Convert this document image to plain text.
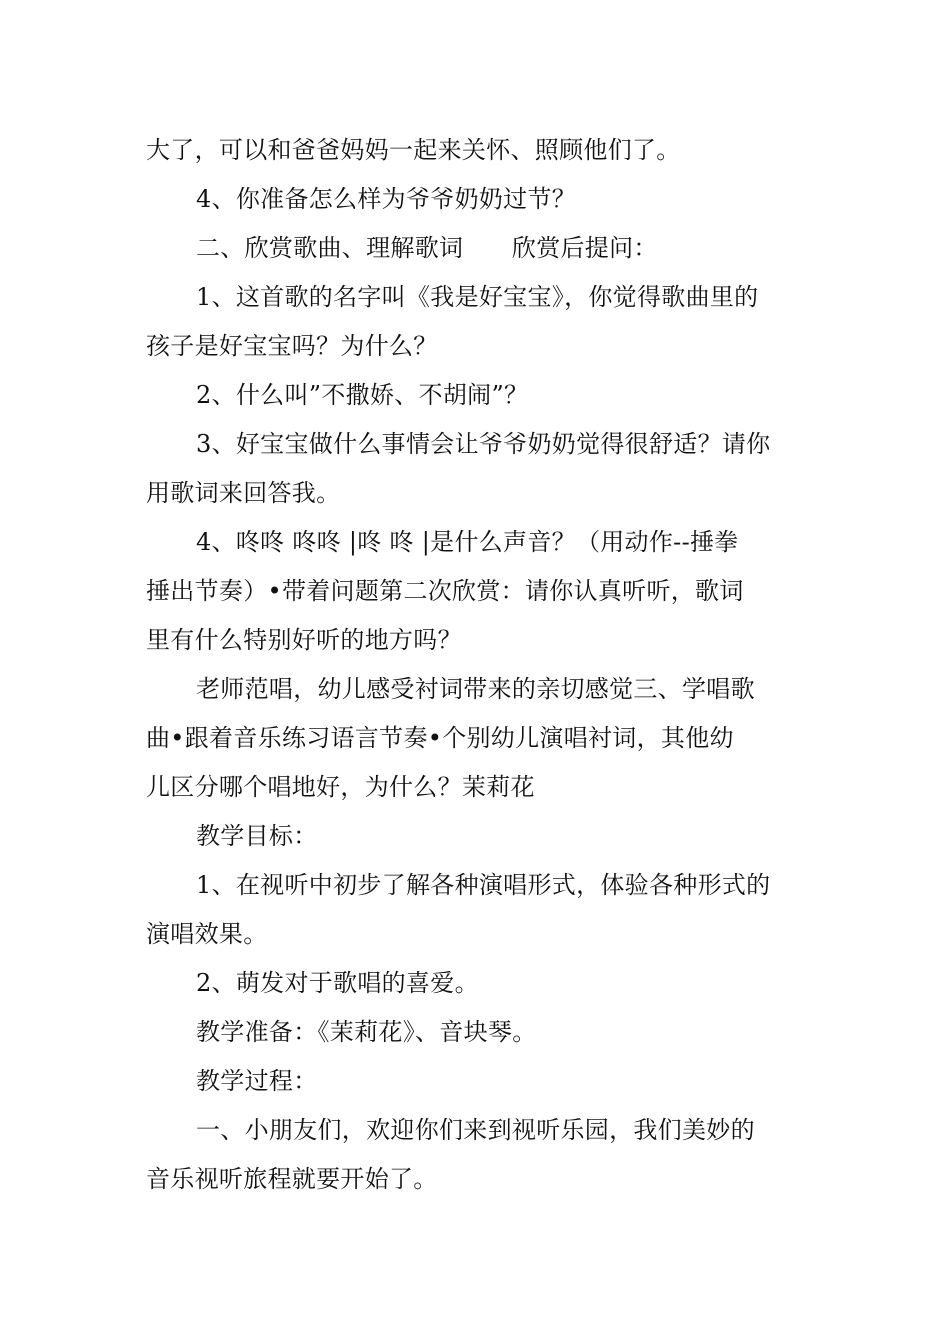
大了，可以和爸爸妈妈一起来关怀、照顾他们了。
4、你准备怎么样为爷爷奶奶过节？
二、欣赏歌曲、理解歌词　　欣赏后提问：
1、这首歌的名字叫《我是好宝宝》，你觉得歌曲里的
孩子是好宝宝吗？为什么？
2、什么叫”不撒娇、不胡闹”？
3、好宝宝做什么事情会让爷爷奶奶觉得很舒适？请你
用歌词来回答我。
4、咚咚 咚咚 |咚 咚 |是什么声音？（用动作--捶拳
捶出节奏）•带着问题第二次欣赏：请你认真听听，歌词
里有什么特别好听的地方吗？
老师范唱，幼儿感受衬词带来的亲切感觉三、学唱歌
曲•跟着音乐练习语言节奏•个别幼儿演唱衬词，其他幼
儿区分哪个唱地好，为什么？茉莉花
教学目标：
1、在视听中初步了解各种演唱形式，体验各种形式的
演唱效果。
2、萌发对于歌唱的喜爱。
教学准备：《茉莉花》、音块琴。
教学过程：
一、小朋友们，欢迎你们来到视听乐园，我们美妙的
音乐视听旅程就要开始了。
